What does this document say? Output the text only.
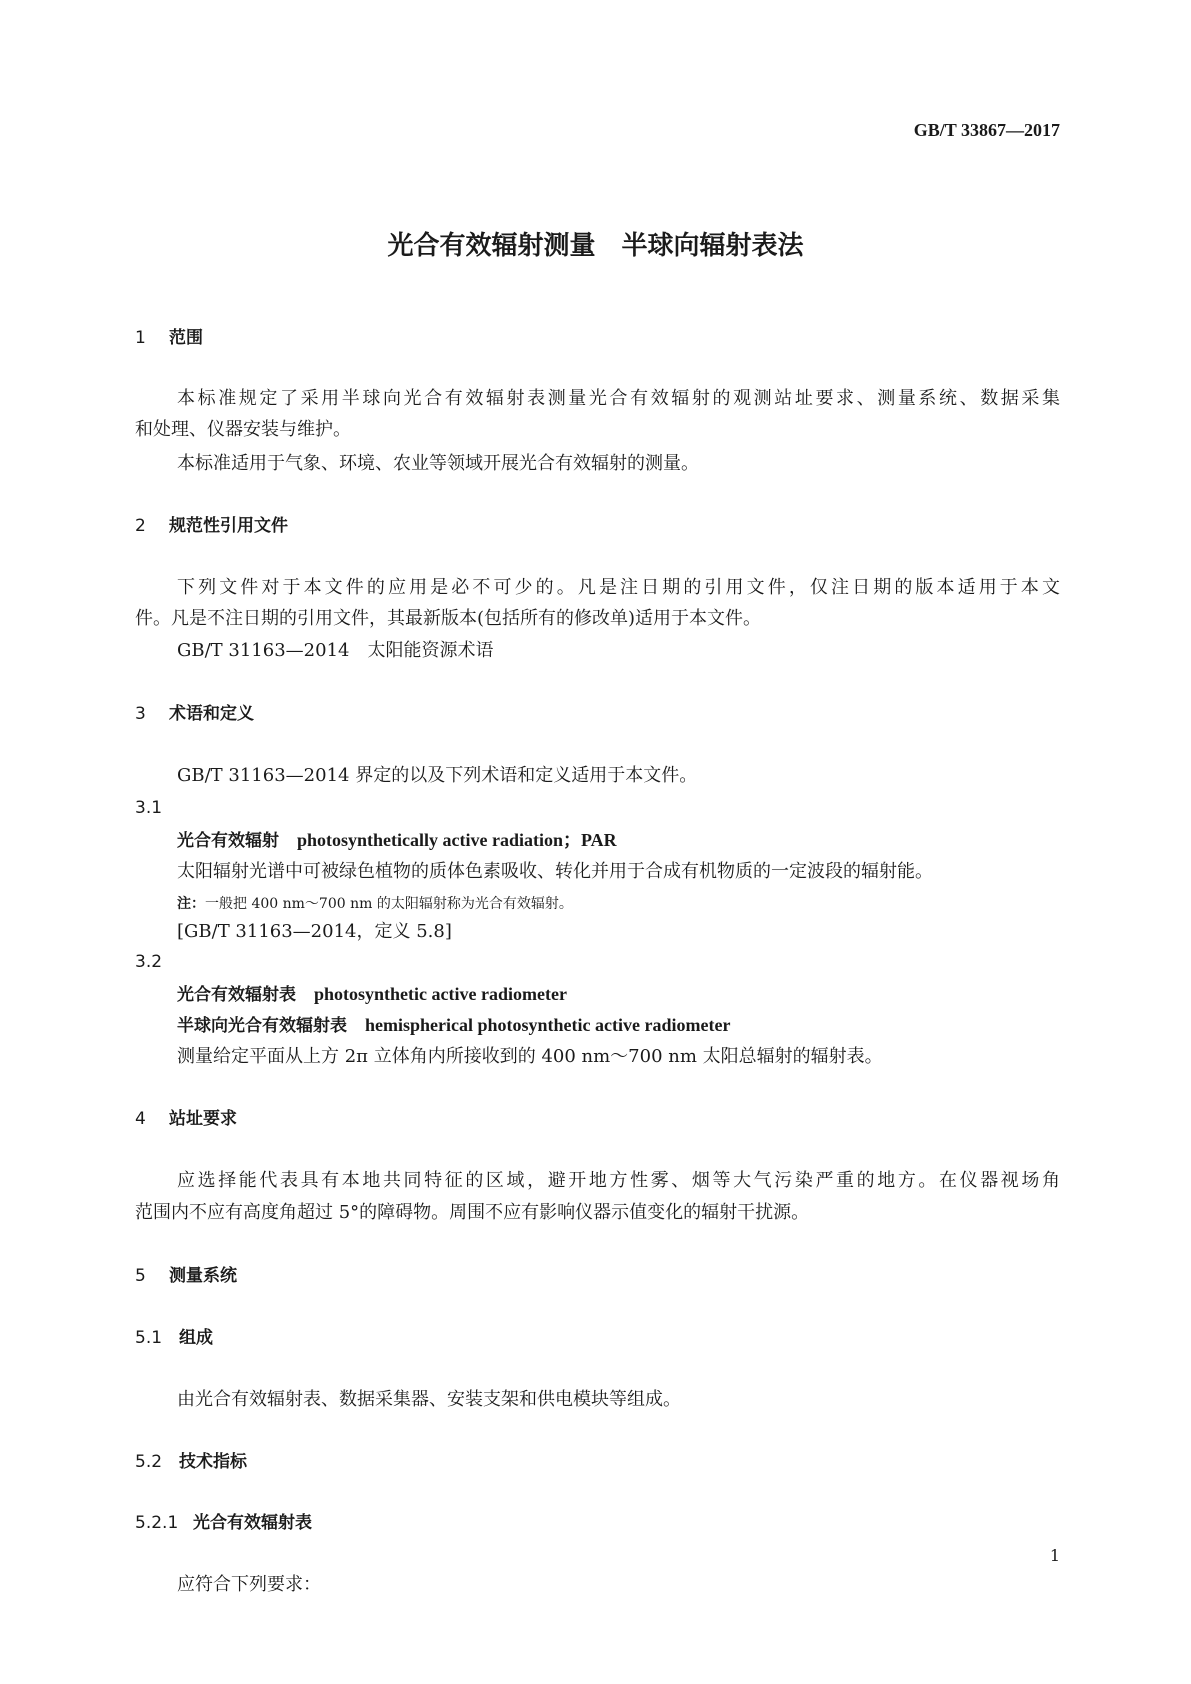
GB/T 33867—2017
光合有效辐射测量　半球向辐射表法
1 范围
本标准规定了采用半球向光合有效辐射表测量光合有效辐射的观测站址要求、测量系统、数据采集
和处理、仪器安装与维护。
本标准适用于气象、环境、农业等领域开展光合有效辐射的测量。
2 规范性引用文件
下列文件对于本文件的应用是必不可少的。凡是注日期的引用文件，仅注日期的版本适用于本文
件。凡是不注日期的引用文件，其最新版本(包括所有的修改单)适用于本文件。
GB/T 31163—2014　太阳能资源术语
3 术语和定义
GB/T 31163—2014 界定的以及下列术语和定义适用于本文件。
3.1
光合有效辐射 photosynthetically active radiation；PAR
太阳辐射光谱中可被绿色植物的质体色素吸收、转化并用于合成有机物质的一定波段的辐射能。
注：一般把 400 nm～700 nm 的太阳辐射称为光合有效辐射。
[GB/T 31163—2014，定义 5.8]
3.2
光合有效辐射表 photosynthetic active radiometer
半球向光合有效辐射表 hemispherical photosynthetic active radiometer
测量给定平面从上方 2π 立体角内所接收到的 400 nm～700 nm 太阳总辐射的辐射表。
4 站址要求
应选择能代表具有本地共同特征的区域，避开地方性雾、烟等大气污染严重的地方。在仪器视场角
范围内不应有高度角超过 5°的障碍物。周围不应有影响仪器示值变化的辐射干扰源。
5 测量系统
5.1 组成
由光合有效辐射表、数据采集器、安装支架和供电模块等组成。
5.2 技术指标
5.2.1 光合有效辐射表
应符合下列要求：
1
